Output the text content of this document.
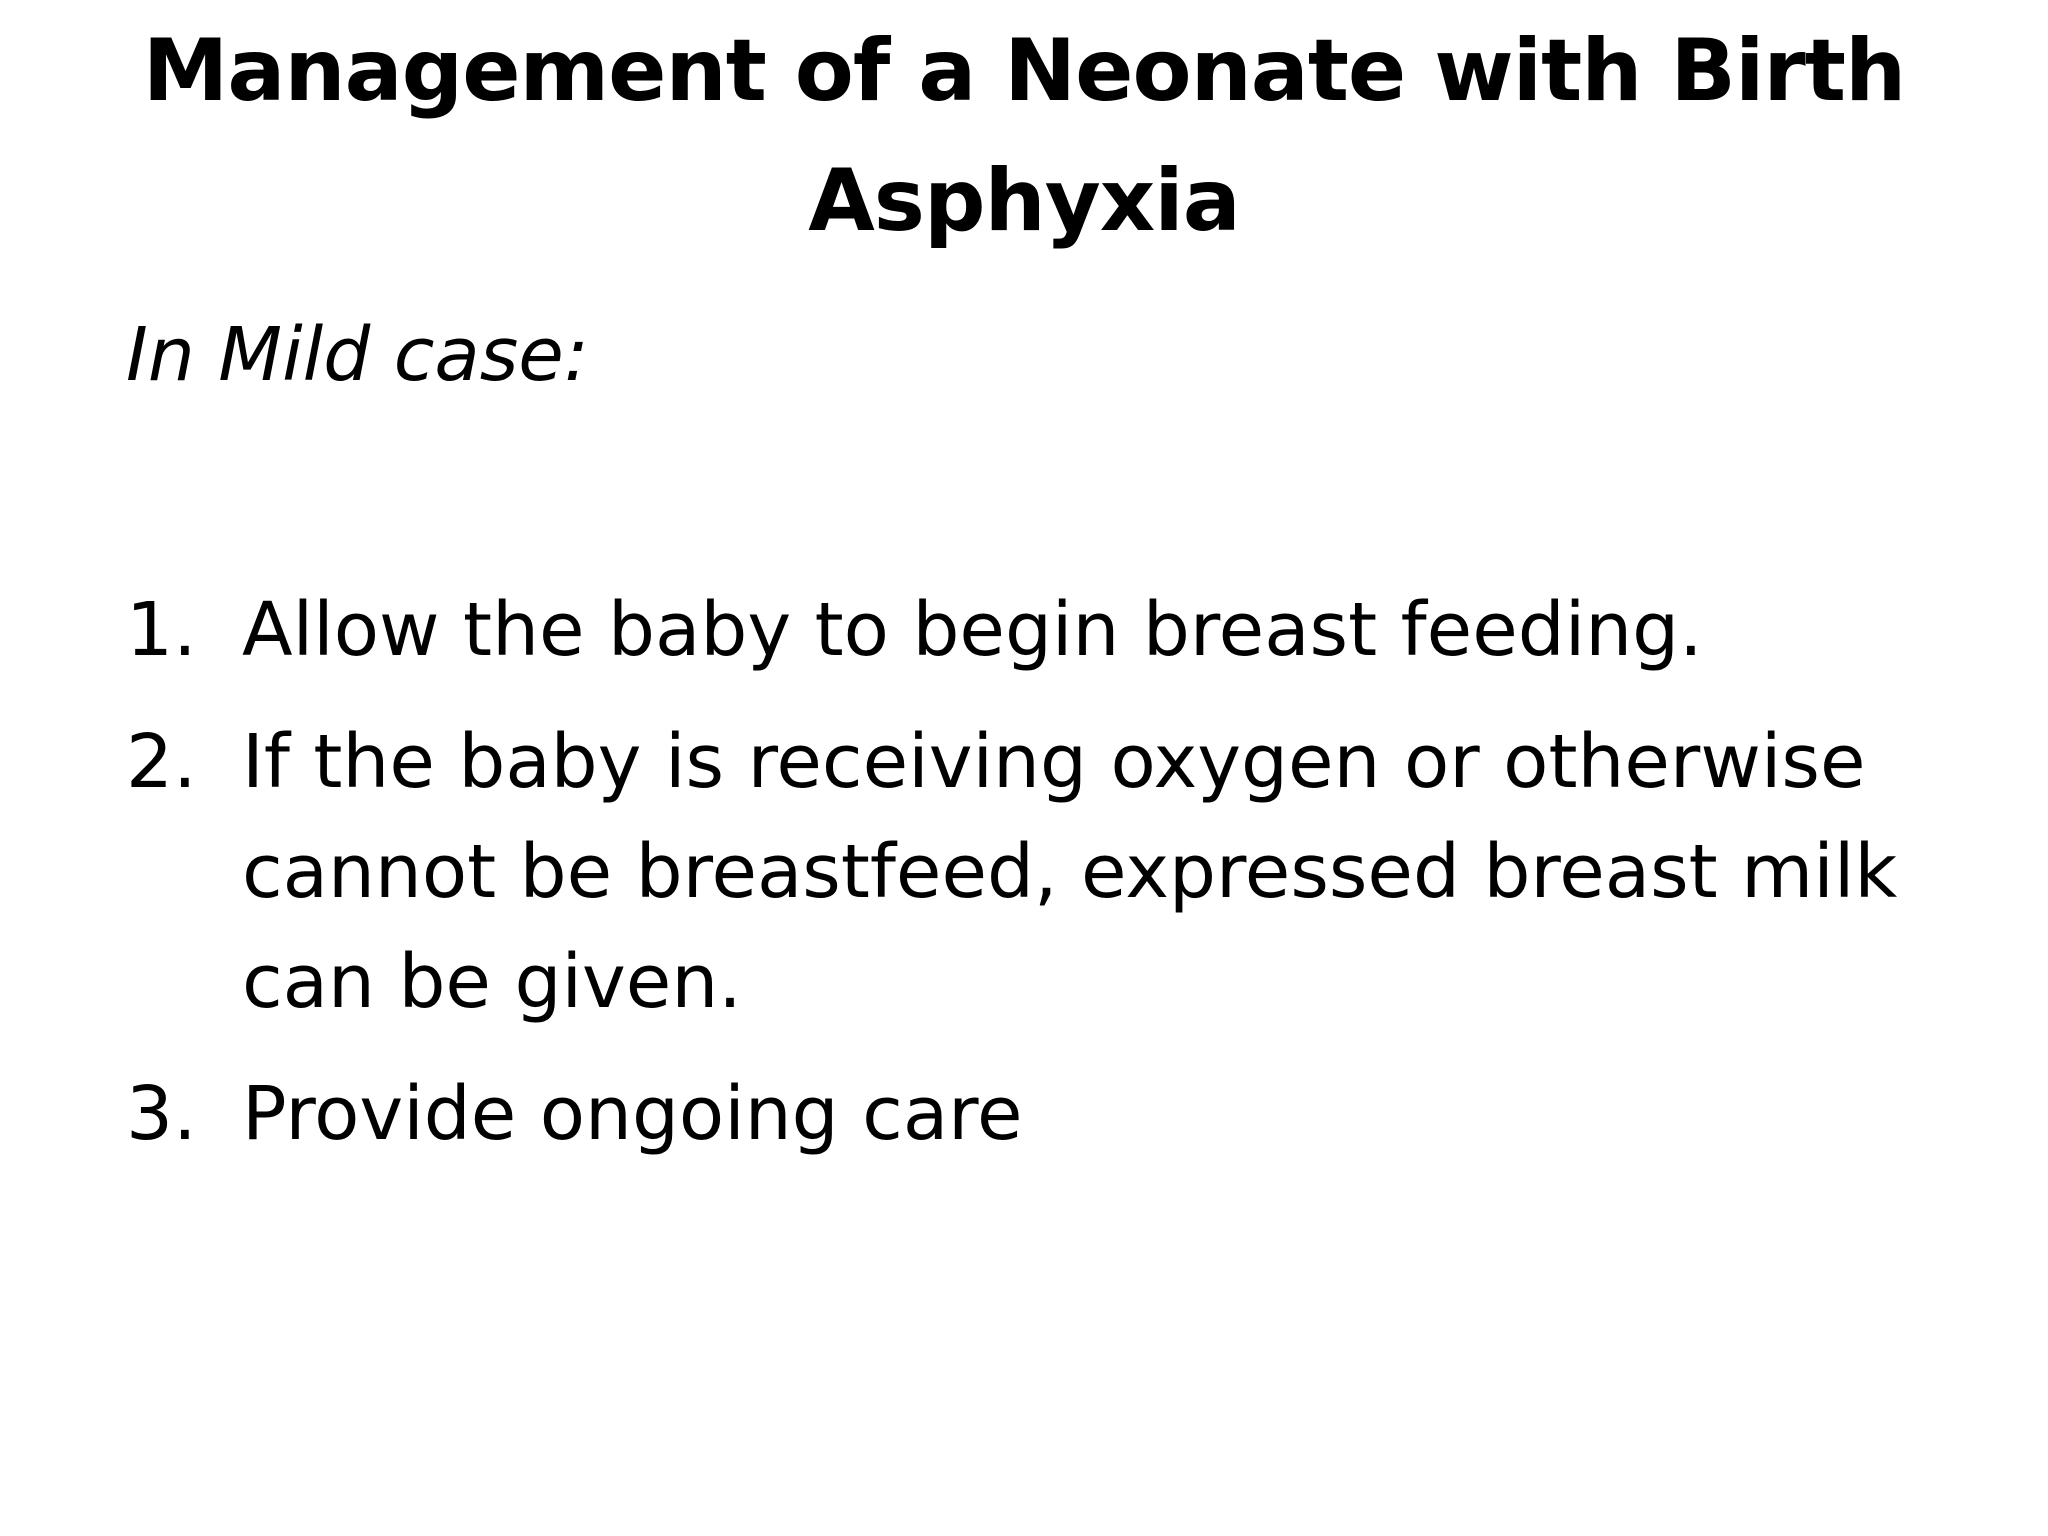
Management of a Neonate with Birth Asphyxia

In Mild case:

1. Allow the baby to begin breast feeding.
2. If the baby is receiving oxygen or otherwise cannot be breastfeed, expressed breast milk can be given.
3. Provide ongoing care
